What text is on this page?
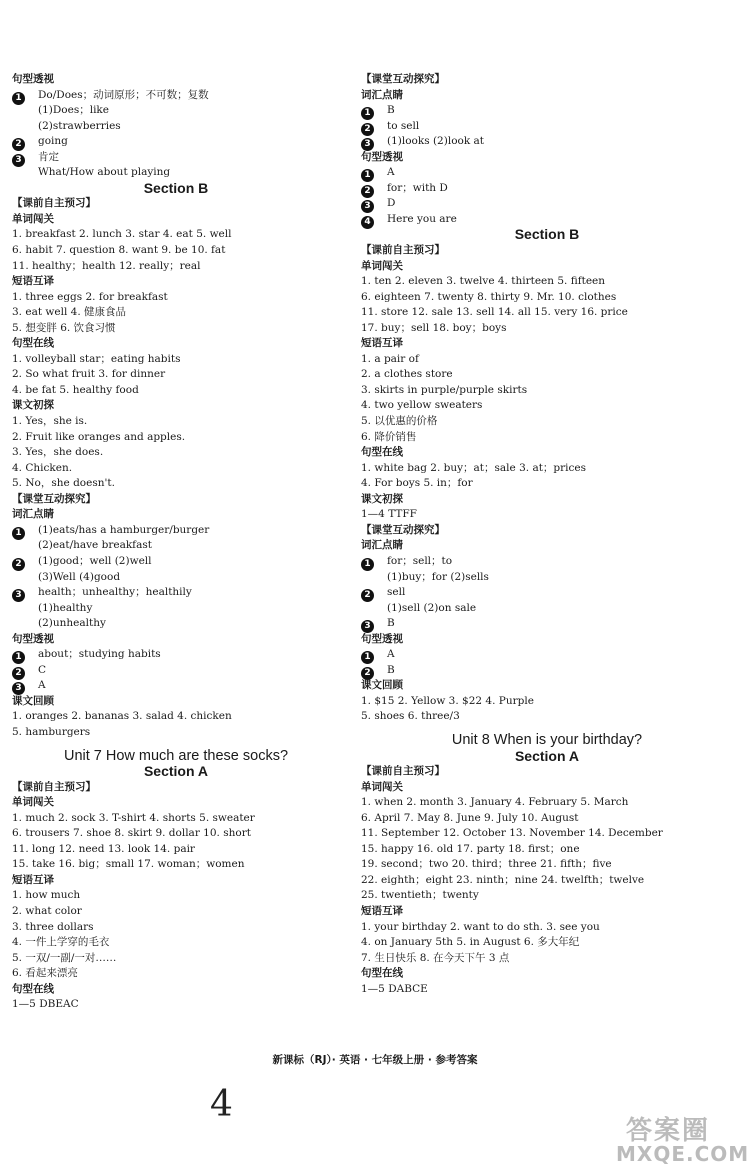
句型透视
1 Do/Does；动词原形；不可数；复数
(1)Does；like
(2)strawberries
2 going
3 肯定
What/How about playing
Section B
【课前自主预习】
单词闯关
1. breakfast 2. lunch 3. star 4. eat 5. well
6. habit 7. question 8. want 9. be 10. fat
11. healthy；health 12. really；real
短语互译
1. three eggs 2. for breakfast
3. eat well 4. 健康食品
5. 想变胖 6. 饮食习惯
句型在线
1. volleyball star；eating habits
2. So what fruit 3. for dinner
4. be fat 5. healthy food
课文初探
1. Yes，she is.
2. Fruit like oranges and apples.
3. Yes，she does.
4. Chicken.
5. No，she doesn't.
【课堂互动探究】
词汇点睛
1 (1)eats/has a hamburger/burger
(2)eat/have breakfast
2 (1)good；well (2)well
(3)Well (4)good
3 health；unhealthy；healthily
(1)healthy
(2)unhealthy
句型透视
1 about；studying habits
2 C
3 A
课文回顾
1. oranges 2. bananas 3. salad 4. chicken
5. hamburgers
Unit 7 How much are these socks?
Section A
【课前自主预习】
单词闯关
1. much 2. sock 3. T-shirt 4. shorts 5. sweater
6. trousers 7. shoe 8. skirt 9. dollar 10. short
11. long 12. need 13. look 14. pair
15. take 16. big；small 17. woman；women
短语互译
1. how much
2. what color
3. three dollars
4. 一件上学穿的毛衣
5. 一双/一副/一对……
6. 看起来漂亮
句型在线
1—5 DBEAC
【课堂互动探究】
词汇点睛
1 B
2 to sell
3 (1)looks (2)look at
句型透视
1 A
2 for；with D
3 D
4 Here you are
Section B
【课前自主预习】
单词闯关
1. ten 2. eleven 3. twelve 4. thirteen 5. fifteen
6. eighteen 7. twenty 8. thirty 9. Mr. 10. clothes
11. store 12. sale 13. sell 14. all 15. very 16. price
17. buy；sell 18. boy；boys
短语互译
1. a pair of
2. a clothes store
3. skirts in purple/purple skirts
4. two yellow sweaters
5. 以优惠的价格
6. 降价销售
句型在线
1. white bag 2. buy；at；sale 3. at；prices
4. For boys 5. in；for
课文初探
1—4 TTFF
【课堂互动探究】
词汇点睛
1 for；sell；to
(1)buy；for (2)sells
2 sell
(1)sell (2)on sale
3 B
句型透视
1 A
2 B
课文回顾
1. $15 2. Yellow 3. $22 4. Purple
5. shoes 6. three/3
Unit 8 When is your birthday?
Section A
【课前自主预习】
单词闯关
1. when 2. month 3. January 4. February 5. March
6. April 7. May 8. June 9. July 10. August
11. September 12. October 13. November 14. December
15. happy 16. old 17. party 18. first；one
19. second；two 20. third；three 21. fifth；five
22. eighth；eight 23. ninth；nine 24. twelfth；twelve
25. twentieth；twenty
短语互译
1. your birthday 2. want to do sth. 3. see you
4. on January 5th 5. in August 6. 多大年纪
7. 生日快乐 8. 在今天下午 3 点
句型在线
1—5 DABCE
新课标（RJ）· 英语 · 七年级上册 · 参考答案
4
答案圈
MXQE.COM
